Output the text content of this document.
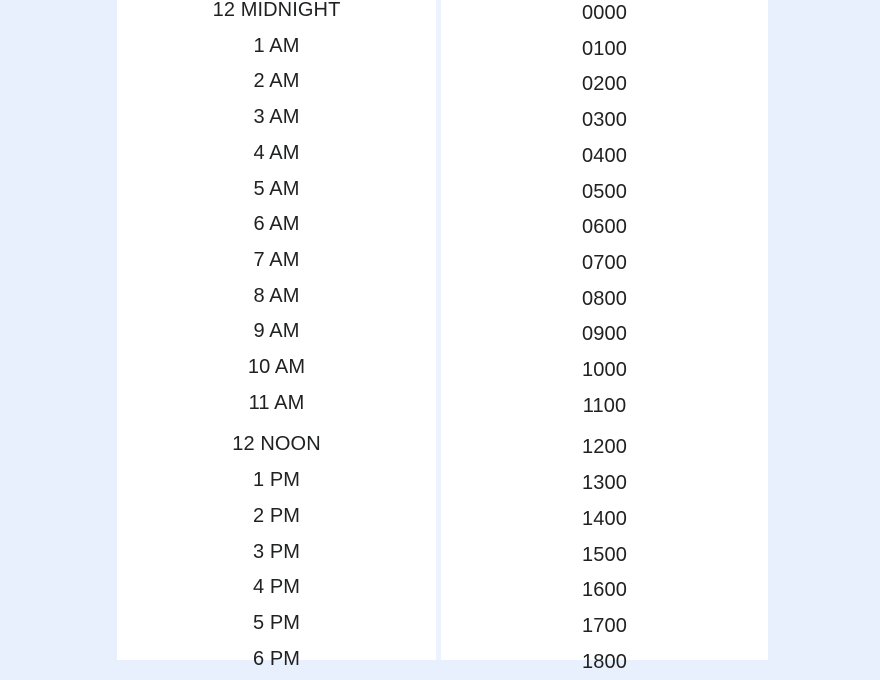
12 MIDNIGHT
1 AM
2 AM
3 AM
4 AM
5 AM
6 AM
7 AM
8 AM
9 AM
10 AM
11 AM
12 NOON
1 PM
2 PM
3 PM
4 PM
5 PM
6 PM
0000
0100
0200
0300
0400
0500
0600
0700
0800
0900
1000
1100
1200
1300
1400
1500
1600
1700
1800
